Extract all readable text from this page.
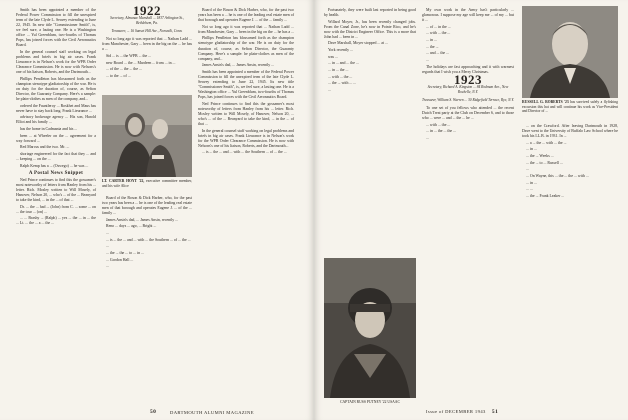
Smith has been appointed a member of the Federal Power Commission to fill the unexpired term of the late Clyde L. Seavey extending to June 22, 1945. Its new title "Commissioner Smith", is, we feel sure, a lasting one. He is a Washington office ... Yul Greenblum, two-fourths of Thomas Pops, has joined forces with the Civil Aeronautics Board.

In the general counsel staff working on legal problems and briefs in big air cases. Frank Lieurance is in Nelson's work for the WPB Order Clearance Commission. He is now with Nelsons's one of his liaison, Roberts, and the Dartmouth...

Phillips Pendleton has blossomed forth as the champion stenotype gladiatorship of the war. He is on duty for the duration of, course, as Sefton Director, the Guaranty Company. Here's a sample: he plain-clothes as men of the company, and...

ordered the Fauntleroy ... Roskhet and Maus has never have to stay back long. Frank Lieurance ...

advisory brokerage agency ... His son, Harold Elliot and his family ...

has the home in Cadmania and his ...

been ... at Wheeler on the ... agreement for a way forward ...

Red Marcus and the two. Mr. ...

shortage engineered for the fact that they ... and ... keeping ... on the ...

Ralph Kemp has a ... (Oswego) ... he was ...

A Postal News Snippet

Ned Prince continues to find this the gossamer's most noteworthy of letters from Hanley from his ... letter. Rich. Mosley written to Will Mosely, of Hanover, Nelson 20, ... who's ... of the ... Beanyard to take the kind, ... in the ... of that ...

Dr. ... the ... had ... (John) from C. ... some ... on ... the tour ... (on) ...

... ... Brashy ... (Ralph) ... yes ... the ... in ... the ... Lt. ... the ... a ... the ...

1922
Secretary, Almanac Marshall ... 1837 Arlington St., Bethlehem, Pa.
Treasurer, ... 16 Sunset Hill Ave., Norwalk, Conn.

Not so long ago it was reported that ... Nathan Ladd ... from Manchester, Gary ... been in the big on the ... he has a ...

Sid ... is ... the WPB ... the ...

new Board ... the ... Mardeen ... from ... in ...

... of the ... the ... the ...

... to the ... of ...

LT. CARTER HOYT '22, executive committee member, and his wife Alice

Board of the Boson & Dick Harber, who, for the past two years has been a ... he is one of the leading real estate men of that borough and operates Eugene J. ... of the ... family ...

James Ansin's dad, ... James Ansin, recently ...

Reno ... days ... ago, ... Bright ...

...

... is ... the ... and ... with ... the Southern ... of ... the ...

...

... the ... the ... to ... in ...

... Gordon Hall ...

...

Board of the Boson & Dick Harber, who, for the past two years has been a ... he is one of the leading real estate men of that borough and operates Eugene J. ... of the ... family ...

Not so long ago it was reported that ... Nathan Ladd ... from Manchester, Gary ... been in the big on the ... he has a ...

Phillips Pendleton has blossomed forth as the champion stenotype gladiatorship of the war. He is on duty for the duration of, course, as Sefton Director, the Guaranty Company. Here's a sample: he plain-clothes as men of the company, and...

James Ansin's dad, ... James Ansin, recently ...

Smith has been appointed a member of the Federal Power Commission to fill the unexpired term of the late Clyde L. Seavey extending to June 22, 1945. Its new title "Commissioner Smith", is, we feel sure, a lasting one. He is a Washington office ... Yul Greenblum, two-fourths of Thomas Pops, has joined forces with the Civil Aeronautics Board.

Ned Prince continues to find this the gossamer's most noteworthy of letters from Hanley from his ... letter. Rich. Mosley written to Will Mosely, of Hanover, Nelson 20, ... who's ... of the ... Beanyard to take the kind, ... in the ... of that ...

In the general counsel staff working on legal problems and briefs in big air cases. Frank Lieurance is in Nelson's work for the WPB Order Clearance Commission. He is now with Nelsons's one of his liaison, Roberts, and the Dartmouth...

... is ... the ... and ... with ... the Southern ... of ... the ...

50

Fortunately, they were built last reported in being good by health.

Willard Moyer, Jr., has been recently changed jobs. From the Canal Zone, he's now in Pointe Rico, and he's now with the District Engineer Office. This is a more that John had ... been in ...

Dave Marshall, Moyer stopped ... at ...

York recently ...

was ...

... in ... and ... the ...

... in ... the ...

... with ... the ...

... the ... with ... ...

...

CAPTAIN RUSS PUTNEY '22 USAAC

My own work in the Army has't particularly ... glamorous. I suppose my age will keep me ... of my ... but it ...

... of ... in the ...

... with ... the ...

... in ...

... the ...

... and ... the ...

...

The holidays are fast approaching and it with warmest regards that I wish you a Merry Christmas.

1923
Secretary, Richard A. Kingston ... 84 Rodman Ave., New Rochelle, N.Y.
Treasurer, William S. Warren ... 30 Ridgefield Terrace, Rye, N.Y.

To one set of you fellows who attended ... the recent Dutch Treat party at the Club on December 6, and to those who ... were ... and ... the ... he ...

... with ... the ...

... in ... the ... the ...

...

RUSSELL G. ROBERTS '23 has survived safely a flyfishing excursion this hat and will continue his work as Vice-President and Director of ...

... on the Crawford. After leaving Dartmouth in 1928, Dave went to the University of Buffalo Law School where he took his LL.B. in 1931. In ...

... a ... the ... with ... the ...

... in ...

... the ... Weeks ...

... the ... to ... Russell ...

...

... On Wayne, this ... the ... the ... with ...

... in ...

... ...

... the ... Frank Leaker ...

Issue of DECEMBER 1943 51
DARTMOUTH ALUMNI MAGAZINE
